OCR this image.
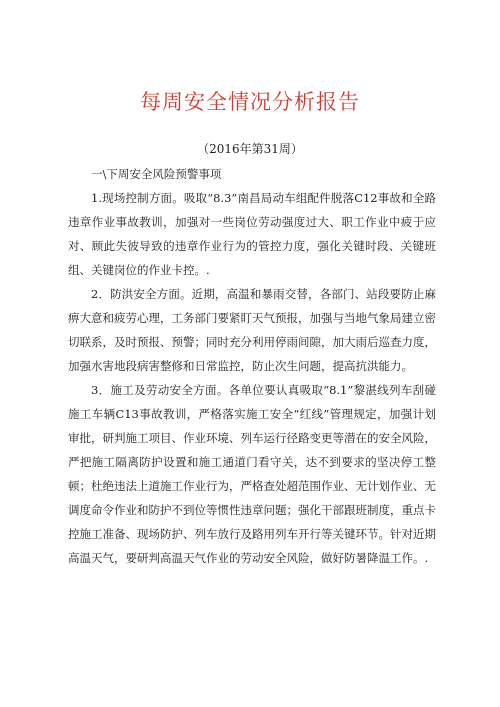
每周安全情况分析报告
（2016年第31周）

一\下周安全风险预警事项

1.现场控制方面。吸取“8.3”南昌局动车组配件脱落C12事故和全路违章作业事故教训，加强对一些岗位劳动强度过大、职工作业中疲于应对、顾此失彼导致的违章作业行为的管控力度，强化关键时段、关键班组、关键岗位的作业卡控。.

2．防洪安全方面。近期，高温和暴雨交替，各部门、站段要防止麻痹大意和疲劳心理，工务部门要紧盯天气预报，加强与当地气象局建立密切联系，及时预报、预警；同时充分利用停雨间隙，加大雨后巡查力度，加强水害地段病害整修和日常监控，防止次生问题，提高抗洪能力。

3．施工及劳动安全方面。各单位要认真吸取“8.1”黎湛线列车刮碰施工车辆C13事故教训，严格落实施工安全“红线”管理规定，加强计划审批，研判施工项目、作业环境、列车运行径路变更等潜在的安全风险，严把施工隔离防护设置和施工通道门看守关，达不到要求的坚决停工整顿；杜绝违法上道施工作业行为，严格查处超范围作业、无计划作业、无调度命令作业和防护不到位等惯性违章问题；强化干部跟班制度，重点卡控施工准备、现场防护、列车放行及路用列车开行等关键环节。针对近期高温天气，要研判高温天气作业的劳动安全风险，做好防暑降温工作。.
